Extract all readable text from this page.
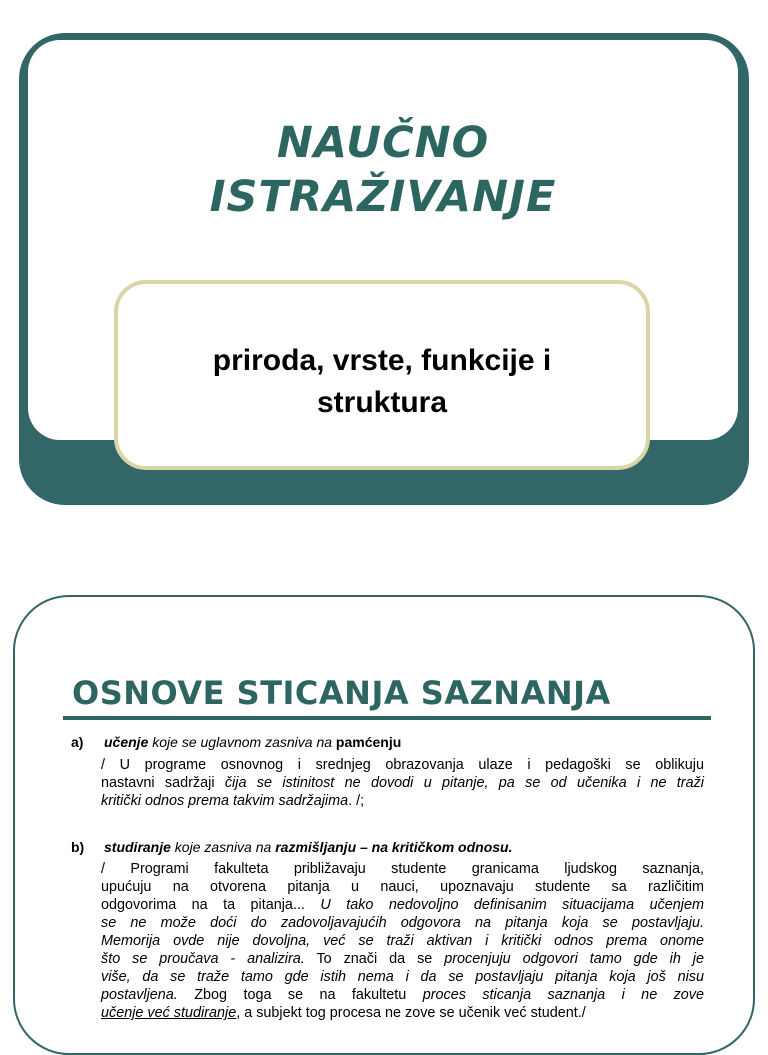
NAUČNO
ISTRAŽIVANJE
priroda, vrste, funkcije i
struktura
OSNOVE STICANJA SAZNANJA
a) učenje koje se uglavnom zasniva na pamćenju
/ U programe osnovnog i srednjeg obrazovanja ulaze i pedagoški se oblikuju
nastavni sadržaji čija se istinitost ne dovodi u pitanje, pa se od učenika i ne traži
kritički odnos prema takvim sadržajima. /;
b) studiranje koje zasniva na razmišljanju – na kritičkom odnosu.
/ Programi fakulteta približavaju studente granicama ljudskog saznanja,
upućuju na otvorena pitanja u nauci, upoznavaju studente sa različitim
odgovorima na ta pitanja... U tako nedovoljno definisanim situacijama učenjem
se ne može doći do zadovoljavajućih odgovora na pitanja koja se postavljaju.
Memorija ovde nije dovoljna, već se traži aktivan i kritički odnos prema onome
što se proučava - analizira. To znači da se procenjuju odgovori tamo gde ih je
više, da se traže tamo gde istih nema i da se postavljaju pitanja koja još nisu
postavljena. Zbog toga se na fakultetu proces sticanja saznanja i ne zove
učenje već studiranje, a subjekt tog procesa ne zove se učenik već student./
